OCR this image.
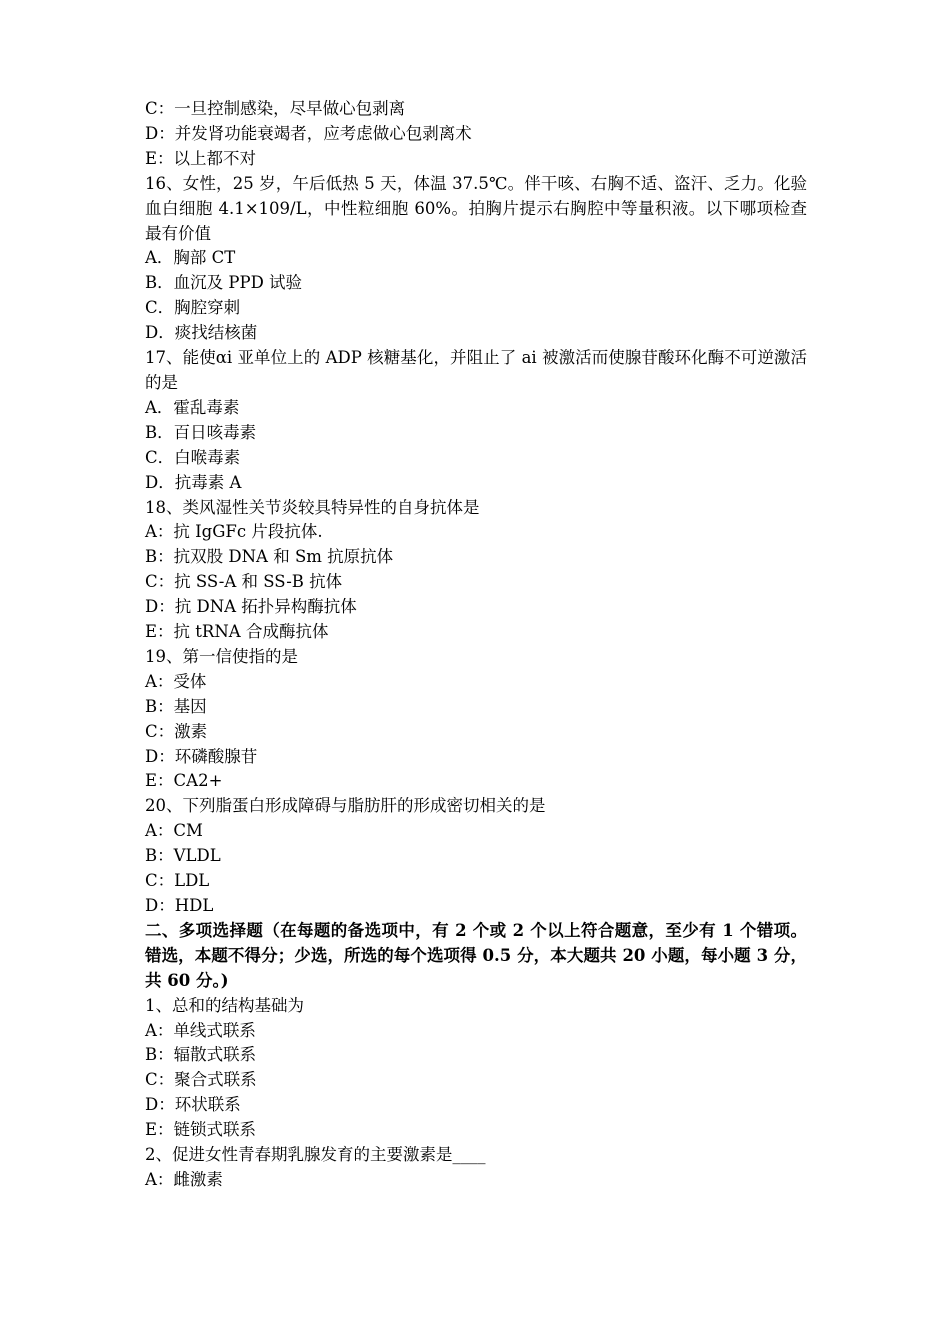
C：一旦控制感染，尽早做心包剥离
D：并发肾功能衰竭者，应考虑做心包剥离术
E：以上都不对
16、女性，25 岁，午后低热 5 天，体温 37.5℃。伴干咳、右胸不适、盗汗、乏力。化验血白细胞 4.1×109/L，中性粒细胞 60%。拍胸片提示右胸腔中等量积液。以下哪项检查最有价值
A．胸部 CT
B．血沉及 PPD 试验
C．胸腔穿刺
D．痰找结核菌
17、能使αi 亚单位上的 ADP 核糖基化，并阻止了 ai 被激活而使腺苷酸环化酶不可逆激活的是
A．霍乱毒素
B．百日咳毒素
C．白喉毒素
D．抗毒素 A
18、类风湿性关节炎较具特异性的自身抗体是
A：抗 IgGFc 片段抗体.
B：抗双股 DNA 和 Sm 抗原抗体
C：抗 SS-A 和 SS-B 抗体
D：抗 DNA 拓扑异构酶抗体
E：抗 tRNA 合成酶抗体
19、第一信使指的是
A：受体
B：基因
C：激素
D：环磷酸腺苷
E：CA2+
20、下列脂蛋白形成障碍与脂肪肝的形成密切相关的是
A：CM
B：VLDL
C：LDL
D：HDL
二、多项选择题（在每题的备选项中，有 2 个或 2 个以上符合题意，至少有 1 个错项。错选，本题不得分；少选，所选的每个选项得 0.5 分，本大题共 20 小题，每小题 3 分，共 60 分。)
1、总和的结构基础为
A：单线式联系
B：辐散式联系
C：聚合式联系
D：环状联系
E：链锁式联系
2、促进女性青春期乳腺发育的主要激素是____
A：雌激素
